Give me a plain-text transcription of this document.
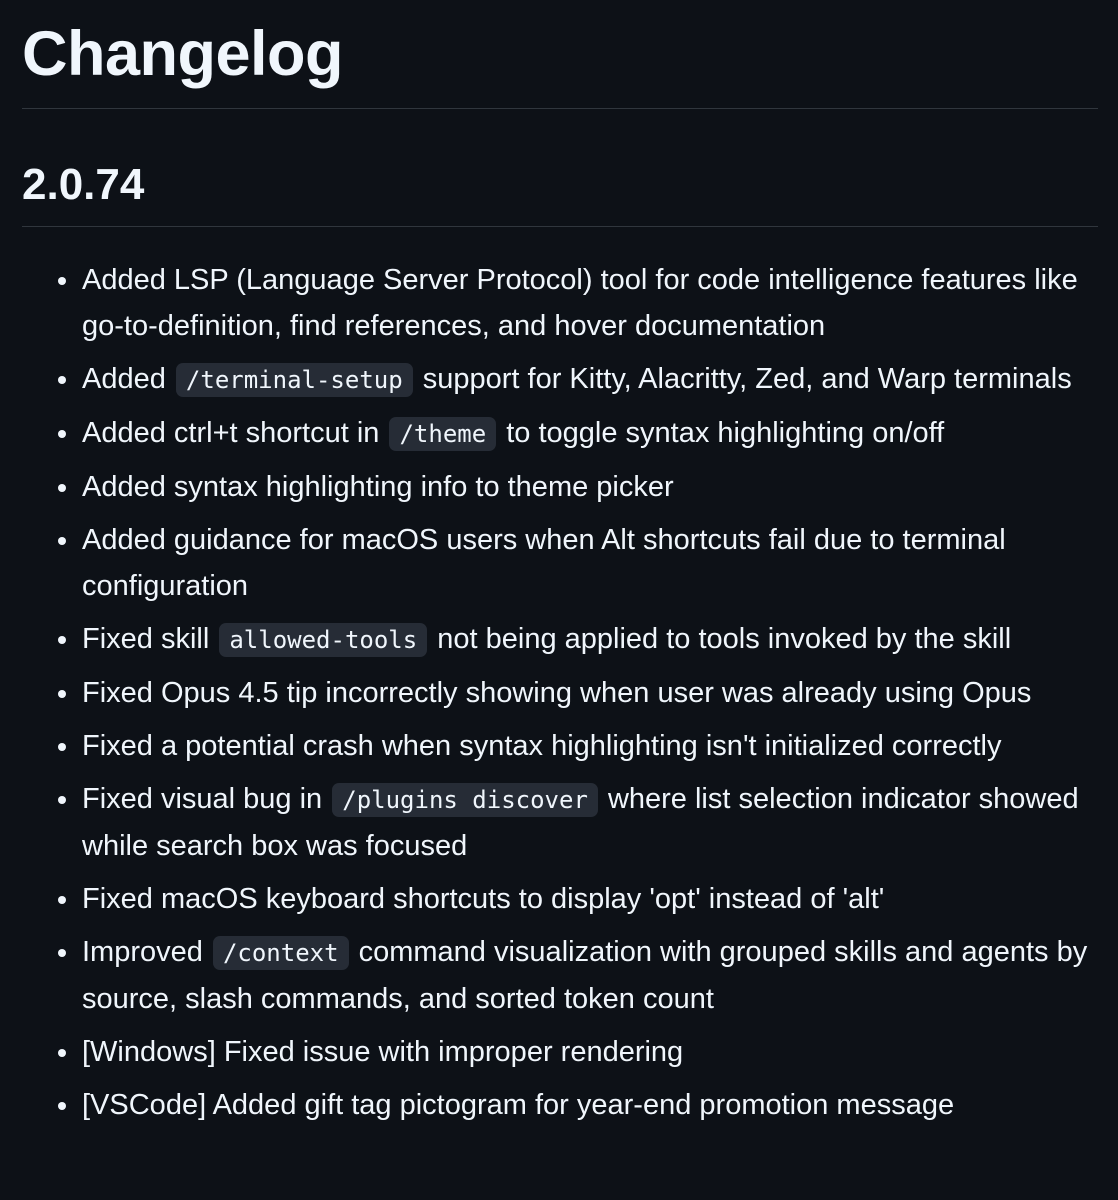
Changelog
2.0.74
Added LSP (Language Server Protocol) tool for code intelligence features like go-to-definition, find references, and hover documentation
Added /terminal-setup support for Kitty, Alacritty, Zed, and Warp terminals
Added ctrl+t shortcut in /theme to toggle syntax highlighting on/off
Added syntax highlighting info to theme picker
Added guidance for macOS users when Alt shortcuts fail due to terminal configuration
Fixed skill allowed-tools not being applied to tools invoked by the skill
Fixed Opus 4.5 tip incorrectly showing when user was already using Opus
Fixed a potential crash when syntax highlighting isn't initialized correctly
Fixed visual bug in /plugins discover where list selection indicator showed while search box was focused
Fixed macOS keyboard shortcuts to display 'opt' instead of 'alt'
Improved /context command visualization with grouped skills and agents by source, slash commands, and sorted token count
[Windows] Fixed issue with improper rendering
[VSCode] Added gift tag pictogram for year-end promotion message
